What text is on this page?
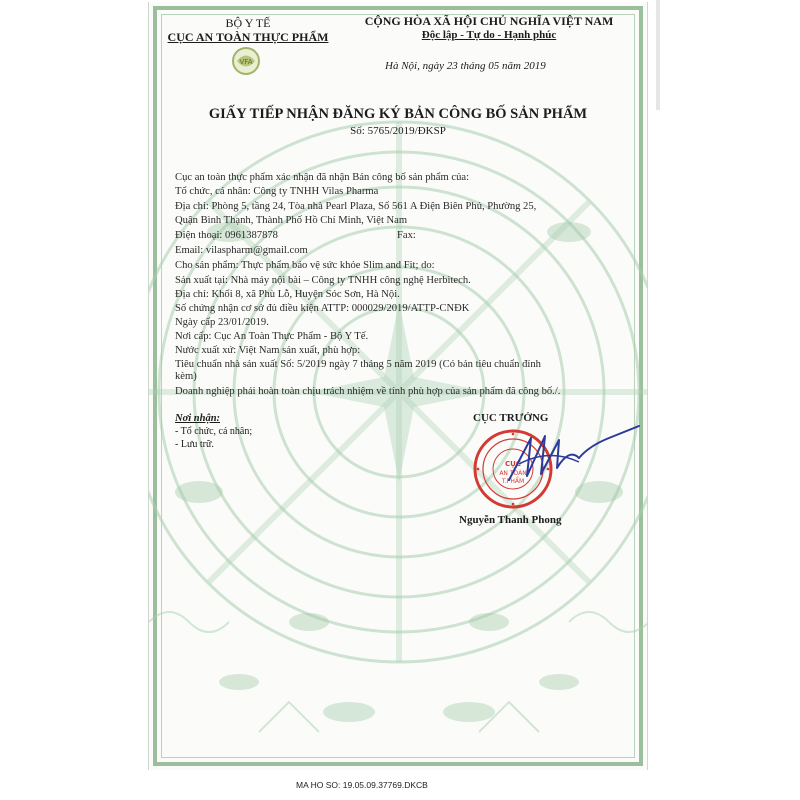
BỘ Y TẾ
CỤC AN TOÀN THỰC PHẨM
VFA
CỘNG HÒA XÃ HỘI CHỦ NGHĨA VIỆT NAM
Độc lập - Tự do - Hạnh phúc
Hà Nội, ngày 23 tháng 05 năm 2019
GIẤY TIẾP NHẬN ĐĂNG KÝ BẢN CÔNG BỐ SẢN PHẨM
Số: 5765/2019/ĐKSP
Cục an toàn thực phẩm xác nhận đã nhận Bản công bố sản phẩm của:
Tổ chức, cá nhân: Công ty TNHH Vilas Pharma
Địa chỉ: Phòng 5, tầng 24, Tòa nhà Pearl Plaza, Số 561 A Điện Biên Phủ, Phường 25,
Quận Bình Thạnh, Thành Phố Hồ Chí Minh, Việt Nam
Điện thoại: 0961387878	Fax:
Email: vilaspharm@gmail.com
Cho sản phẩm: Thực phẩm bảo vệ sức khỏe Slim and Fit; do:
Sản xuất tại: Nhà máy nội bài – Công ty TNHH công nghệ Herbitech.
Địa chỉ: Khối 8, xã Phù Lỗ, Huyện Sóc Sơn, Hà Nội.
Số chứng nhận cơ sở đủ điều kiện ATTP: 000029/2019/ATTP-CNĐK
Ngày cấp 23/01/2019.
Nơi cấp: Cục An Toàn Thực Phẩm - Bộ Y Tế.
Nước xuất xứ: Việt Nam sản xuất, phù hợp:
Tiêu chuẩn nhà sản xuất Số: 5/2019 ngày 7 tháng 5 năm 2019 (Có bản tiêu chuẩn đính
kèm)
Doanh nghiệp phải hoàn toàn chịu trách nhiệm về tính phù hợp của sản phẩm đã công bố./.
Nơi nhận:
- Tổ chức, cá nhân;
- Lưu trữ.
CỤC TRƯỞNG
CỤC
AN TOÀN
T.PHẨM
Nguyễn Thanh Phong
MA HO SO: 19.05.09.37769.DKCB
